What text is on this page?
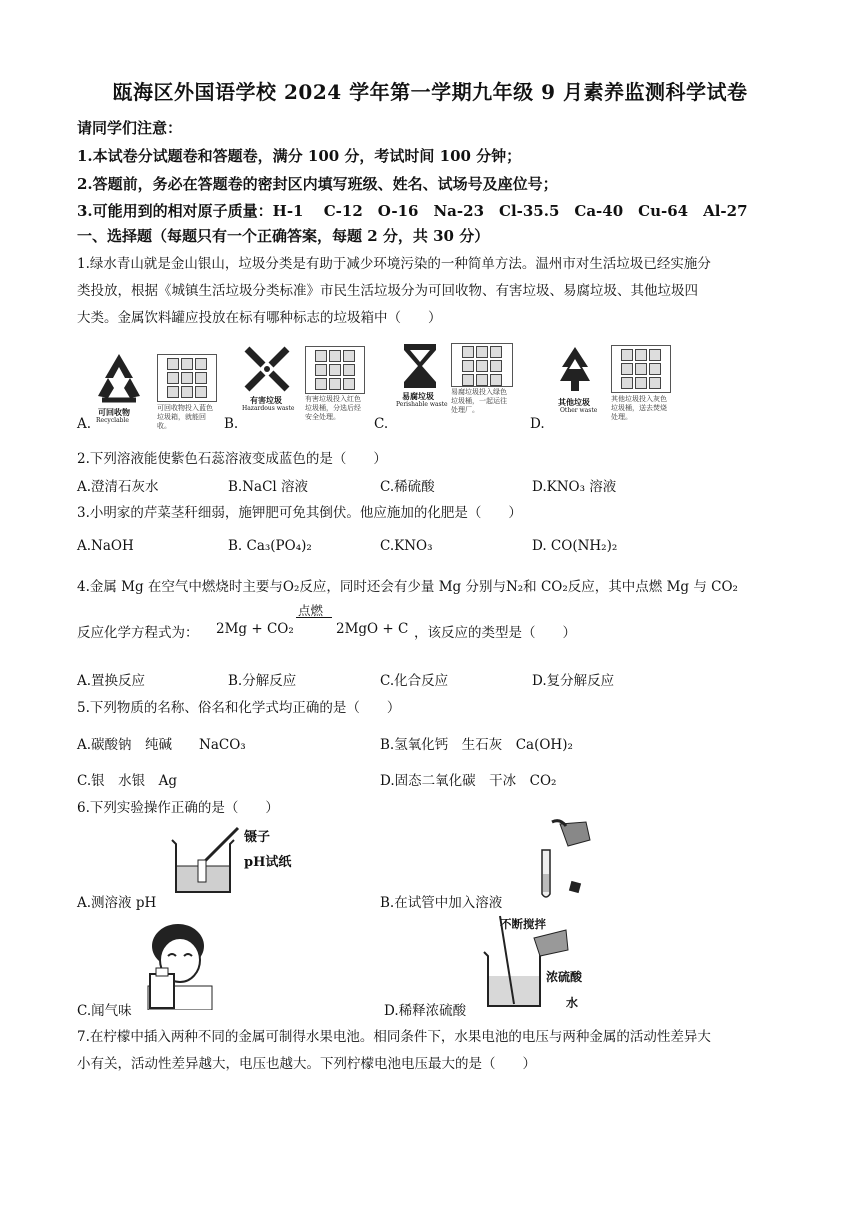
瓯海区外国语学校 2024 学年第一学期九年级 9 月素养监测科学试卷
请同学们注意：
1.本试卷分试题卷和答题卷，满分 100 分，考试时间 100 分钟；
2.答题前，务必在答题卷的密封区内填写班级、姓名、试场号及座位号；
3.可能用到的相对原子质量：H-1　 C-12　O-16　Na-23　Cl-35.5　Ca-40　Cu-64　Al-27
一、选择题（每题只有一个正确答案，每题 2 分，共 30 分）
1.绿水青山就是金山银山，垃圾分类是有助于减少环境污染的一种简单方法。温州市对生活垃圾已经实施分
类投放，根据《城镇生活垃圾分类标准》市民生活垃圾分为可回收物、有害垃圾、易腐垃圾、其他垃圾四
大类。金属饮料罐应投放在标有哪种标志的垃圾箱中（　　）
可回收物
Recyclable
可回收物投入蓝色垃圾箱，就能回收。
A.
有害垃圾
Hazardous waste
有害垃圾投入红色垃圾桶，分选后经安全处理。
B.
易腐垃圾
Perishable waste
易腐垃圾投入绿色垃圾桶，一起运往处理厂。
C.
其他垃圾
Other waste
其他垃圾投入灰色垃圾桶，送去焚烧处理。
D.
2.下列溶液能使紫色石蕊溶液变成蓝色的是（　　）
A.澄清石灰水	B.NaCl 溶液	C.稀硫酸	D.KNO₃ 溶液
3.小明家的芹菜茎秆细弱，施钾肥可免其倒伏。他应施加的化肥是（　　）
A.NaOH	B. Ca₃(PO₄)₂	C.KNO₃	D. CO(NH₂)₂
4.金属 Mg 在空气中燃烧时主要与O₂反应，同时还会有少量 Mg 分别与N₂和 CO₂反应，其中点燃 Mg 与 CO₂
反应化学方程式为： 2Mg + CO₂
点燃
2MgO + C ，该反应的类型是（　　）
A.置换反应	B.分解反应	C.化合反应	D.复分解反应
5.下列物质的名称、俗名和化学式均正确的是（　　）
A.碳酸钠　纯碱　　NaCO₃	B.氢氧化钙　生石灰　Ca(OH)₂
C.银　水银　Ag	D.固态二氧化碳　干冰　CO₂
6.下列实验操作正确的是（　　）
镊子
pH试纸
A.测溶液 pH	B.在试管中加入溶液
C.闻气味
不断搅拌
浓硫酸
水
D.稀释浓硫酸
7.在柠檬中插入两种不同的金属可制得水果电池。相同条件下，水果电池的电压与两种金属的活动性差异大
小有关，活动性差异越大，电压也越大。下列柠檬电池电压最大的是（　　）
